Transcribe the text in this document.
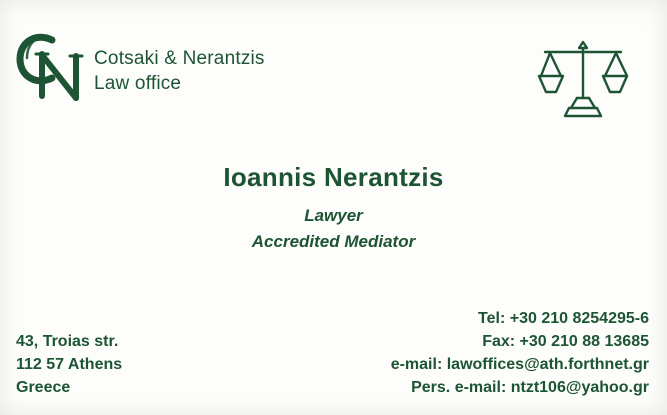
Cotsaki & Nerantzis
Law office
Ioannis Nerantzis
Lawyer
Accredited Mediator
43, Troias str.
112 57 Athens
Greece
Tel: +30 210 8254295-6
Fax: +30 210 88 13685
e-mail: lawoffices@ath.forthnet.gr
Pers. e-mail: ntzt106@yahoo.gr
